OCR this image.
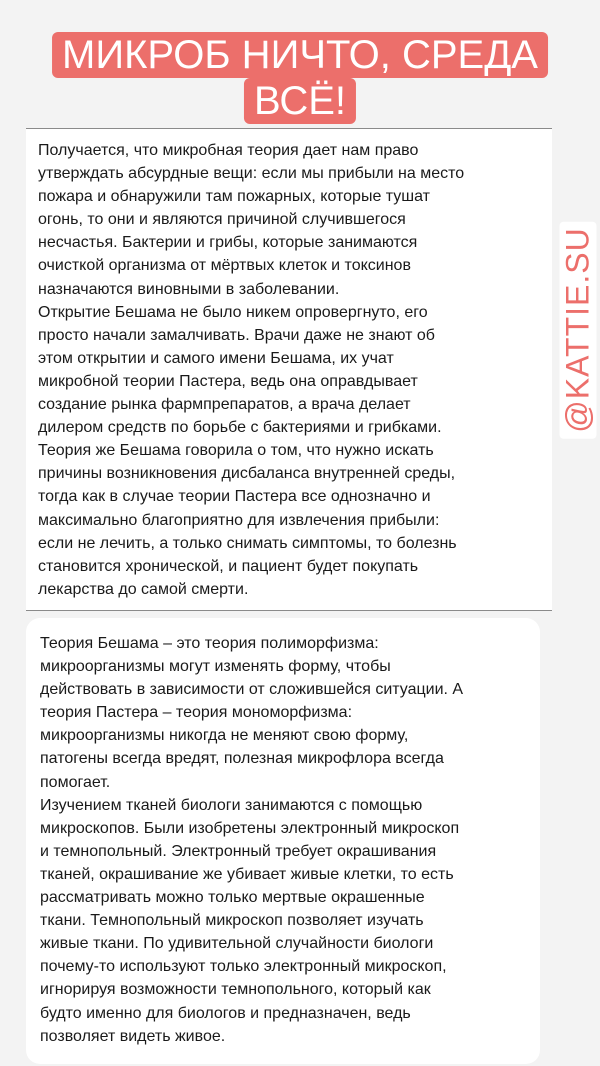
МИКРОБ НИЧТО, СРЕДА
ВСЁ!

Получается, что микробная теория дает нам право
утверждать абсурдные вещи: если мы прибыли на место
пожара и обнаружили там пожарных, которые тушат
огонь, то они и являются причиной случившегося
несчастья. Бактерии и грибы, которые занимаются
очисткой организма от мёртвых клеток и токсинов
назначаются виновными в заболевании.

Открытие Бешама не было никем опровергнуто, его
просто начали замалчивать. Врачи даже не знают об
этом открытии и самого имени Бешама, их учат
микробной теории Пастера, ведь она оправдывает
создание рынка фармпрепаратов, а врача делает
дилером средств по борьбе с бактериями и грибками.

Теория же Бешама говорила о том, что нужно искать
причины возникновения дисбаланса внутренней среды,
тогда как в случае теории Пастера все однозначно и
максимально благоприятно для извлечения прибыли:
если не лечить, а только снимать симптомы, то болезнь
становится хронической, и пациент будет покупать
лекарства до самой смерти.

Теория Бешама – это теория полиморфизма:
микроорганизмы могут изменять форму, чтобы
действовать в зависимости от сложившейся ситуации. А
теория Пастера – теория мономорфизма:
микроорганизмы никогда не меняют свою форму,
патогены всегда вредят, полезная микрофлора всегда
помогает.

Изучением тканей биологи занимаются с помощью
микроскопов. Были изобретены электронный микроскоп
и темнопольный. Электронный требует окрашивания
тканей, окрашивание же убивает живые клетки, то есть
рассматривать можно только мертвые окрашенные
ткани. Темнопольный микроскоп позволяет изучать
живые ткани. По удивительной случайности биологи
почему-то используют только электронный микроскоп,
игнорируя возможности темнопольного, который как
будто именно для биологов и предназначен, ведь
позволяет видеть живое.

@KATTIE.SU
